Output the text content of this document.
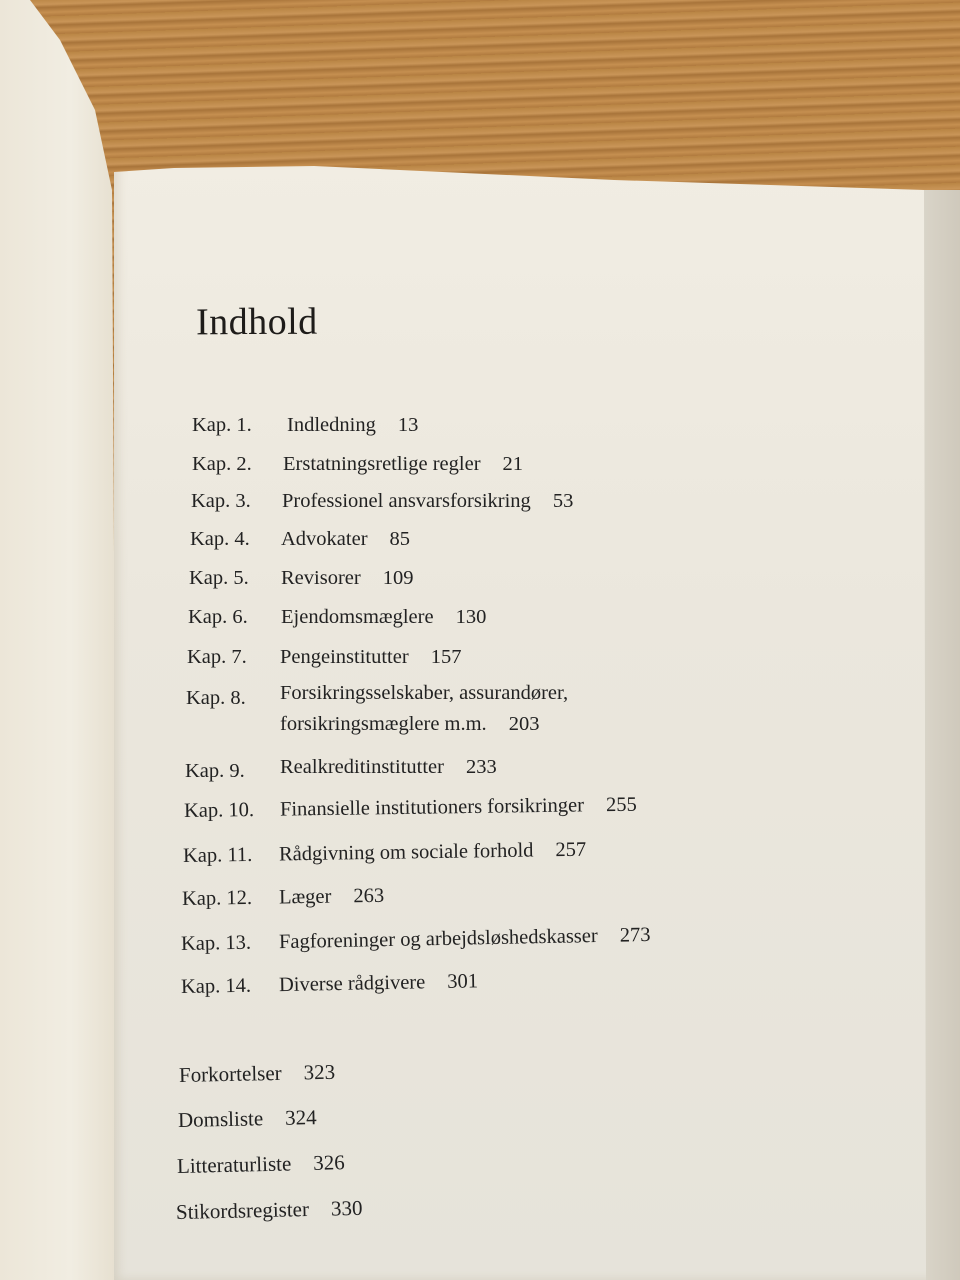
Indhold
Kap. 1. Indledning 13
Kap. 2. Erstatningsretlige regler 21
Kap. 3. Professionel ansvarsforsikring 53
Kap. 4. Advokater 85
Kap. 5. Revisorer 109
Kap. 6. Ejendomsmæglere 130
Kap. 7. Pengeinstitutter 157
Kap. 8. Forsikringsselskaber, assurandører,
forsikringsmæglere m.m. 203
Kap. 9. Realkreditinstitutter 233
Kap. 10. Finansielle institutioners forsikringer 255
Kap. 11. Rådgivning om sociale forhold 257
Kap. 12. Læger 263
Kap. 13. Fagforeninger og arbejdsløshedskasser 273
Kap. 14. Diverse rådgivere 301
Forkortelser 323
Domsliste 324
Litteraturliste 326
Stikordsregister 330
